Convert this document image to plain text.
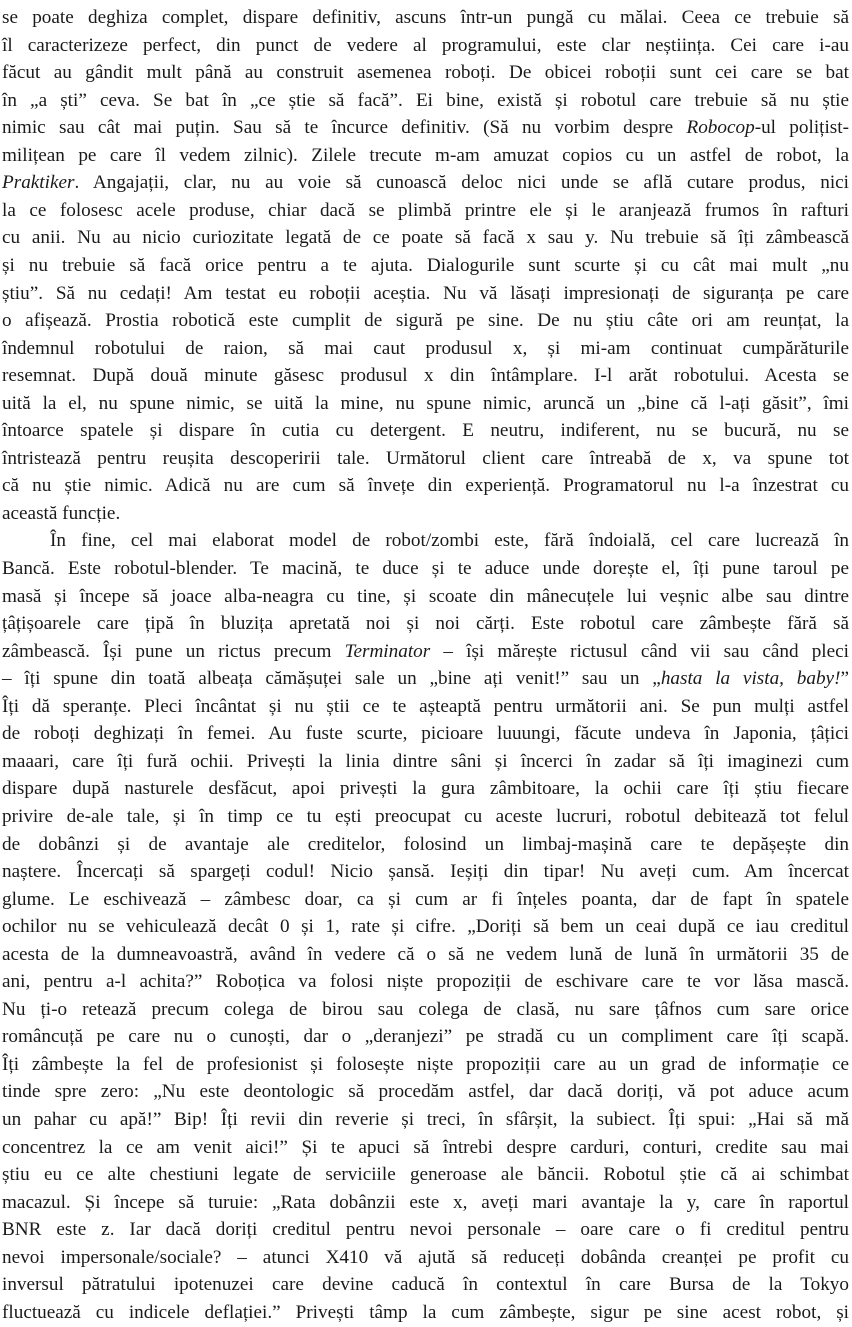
se poate deghiza complet, dispare definitiv, ascuns într-un pungă cu mălai. Ceea ce trebuie să
îl caracterizeze perfect, din punct de vedere al programului, este clar neștiința. Cei care i-au
făcut au gândit mult până au construit asemenea roboți. De obicei roboții sunt cei care se bat
în „a ști” ceva. Se bat în „ce știe să facă”. Ei bine, există și robotul care trebuie să nu știe
nimic sau cât mai puțin. Sau să te încurce definitiv. (Să nu vorbim despre Robocop-ul polițist-
milițean pe care îl vedem zilnic). Zilele trecute m-am amuzat copios cu un astfel de robot, la
Praktiker. Angajații, clar, nu au voie să cunoască deloc nici unde se află cutare produs, nici
la ce folosesc acele produse, chiar dacă se plimbă printre ele și le aranjează frumos în rafturi
cu anii. Nu au nicio curiozitate legată de ce poate să facă x sau y. Nu trebuie să îți zâmbească
și nu trebuie să facă orice pentru a te ajuta. Dialogurile sunt scurte și cu cât mai mult „nu
știu”. Să nu cedați! Am testat eu roboții aceștia. Nu vă lăsați impresionați de siguranța pe care
o afișează. Prostia robotică este cumplit de sigură pe sine. De nu știu câte ori am reunțat, la
îndemnul robotului de raion, să mai caut produsul x, și mi-am continuat cumpărăturile
resemnat. După două minute găsesc produsul x din întâmplare. I-l arăt robotului. Acesta se
uită la el, nu spune nimic, se uită la mine, nu spune nimic, aruncă un „bine că l-ați găsit”, îmi
întoarce spatele și dispare în cutia cu detergent. E neutru, indiferent, nu se bucură, nu se
întristează pentru reușita descoperirii tale. Următorul client care întreabă de x, va spune tot
că nu știe nimic. Adică nu are cum să învețe din experiență. Programatorul nu l-a înzestrat cu
această funcție.
În fine, cel mai elaborat model de robot/zombi este, fără îndoială, cel care lucrează în
Bancă. Este robotul-blender. Te macină, te duce și te aduce unde dorește el, îți pune taroul pe
masă și începe să joace alba-neagra cu tine, și scoate din mânecuțele lui veșnic albe sau dintre
țâțișoarele care țipă în bluzița apretată noi și noi cărți. Este robotul care zâmbește fără să
zâmbească. Își pune un rictus precum Terminator – își mărește rictusul când vii sau când pleci
– îți spune din toată albeața cămășuței sale un „bine ați venit!” sau un „hasta la vista, baby!”
Îți dă speranțe. Pleci încântat și nu știi ce te așteaptă pentru următorii ani. Se pun mulți astfel
de roboți deghizați în femei. Au fuste scurte, picioare luuungi, făcute undeva în Japonia, țâțici
maaari, care îți fură ochii. Privești la linia dintre sâni și încerci în zadar să îți imaginezi cum
dispare după nasturele desfăcut, apoi privești la gura zâmbitoare, la ochii care îți știu fiecare
privire de-ale tale, și în timp ce tu ești preocupat cu aceste lucruri, robotul debitează tot felul
de dobânzi și de avantaje ale creditelor, folosind un limbaj-mașină care te depășește din
naștere. Încercați să spargeți codul! Nicio șansă. Ieșiți din tipar! Nu aveți cum. Am încercat
glume. Le eschivează – zâmbesc doar, ca și cum ar fi înțeles poanta, dar de fapt în spatele
ochilor nu se vehiculează decât 0 și 1, rate și cifre. „Doriți să bem un ceai după ce iau creditul
acesta de la dumneavoastră, având în vedere că o să ne vedem lună de lună în următorii 35 de
ani, pentru a-l achita?” Roboțica va folosi niște propoziții de eschivare care te vor lăsa mască.
Nu ți-o retează precum colega de birou sau colega de clasă, nu sare țâfnos cum sare orice
româncuță pe care nu o cunoști, dar o „deranjezi” pe stradă cu un compliment care îți scapă.
Îți zâmbește la fel de profesionist și folosește niște propoziții care au un grad de informație ce
tinde spre zero: „Nu este deontologic să procedăm astfel, dar dacă doriți, vă pot aduce acum
un pahar cu apă!” Bip! Îți revii din reverie și treci, în sfârșit, la subiect. Îți spui: „Hai să mă
concentrez la ce am venit aici!” Și te apuci să întrebi despre carduri, conturi, credite sau mai
știu eu ce alte chestiuni legate de serviciile generoase ale băncii. Robotul știe că ai schimbat
macazul. Și începe să turuie: „Rata dobânzii este x, aveți mari avantaje la y, care în raportul
BNR este z. Iar dacă doriți creditul pentru nevoi personale – oare care o fi creditul pentru
nevoi impersonale/sociale? – atunci X410 vă ajută să reduceți dobânda creanței pe profit cu
inversul pătratului ipotenuzei care devine caducă în contextul în care Bursa de la Tokyo
fluctuează cu indicele deflației.” Privești tâmp la cum zâmbește, sigur pe sine acest robot, și
